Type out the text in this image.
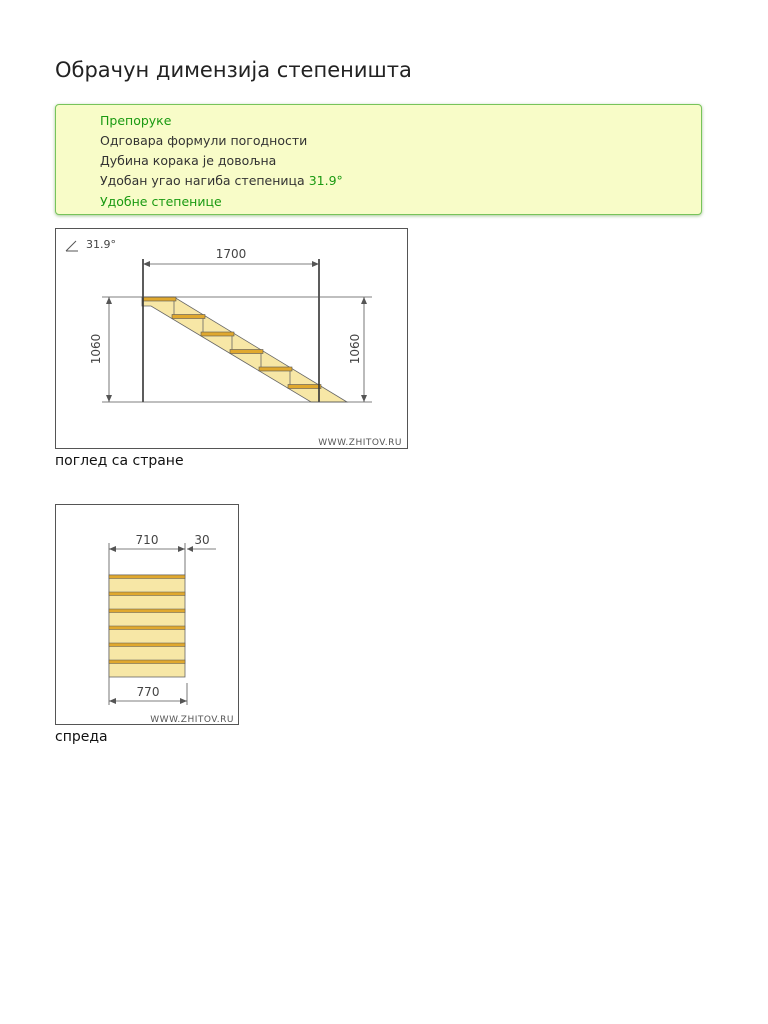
Обрачун димензија степеништа
Препоруке
Одговара формули погодности
Дубина корака је довољна
Удобан угао нагиба степеница 31.9°
Удобне степенице
31.9°
1700
1060	1060
WWW.ZHITOV.RU
поглед са стране
710	30
770
WWW.ZHITOV.RU
спреда
